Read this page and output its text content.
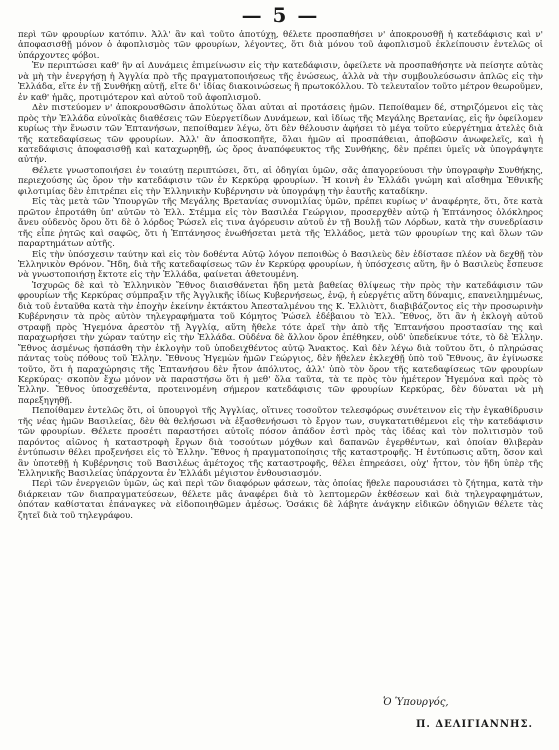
— 5 —

περὶ τῶν φρουρίων κατόπιν. Ἀλλ' ἂν καὶ τοῦτο ἀποτύχῃ, θέλετε προσπαθήσει ν' ἀποκρουσθῇ ἡ κατεδάφισις καὶ ν' ἀποφασισθῇ μόνον ὁ ἀφοπλισμὸς τῶν φρουρίων, λέγοντες, ὅτι διὰ μόνου τοῦ ἀφοπλισμοῦ ἐκλείπουσιν ἐντελῶς οἱ ὑπάρχοντες φόβοι.

Ἐν περιπτώσει καθ' ἣν αἱ Δυνάμεις ἐπιμείνωσιν εἰς τὴν κατεδάφισιν, ὀφείλετε νὰ προσπαθήσητε νὰ πείσητε αὐτὰς νὰ μὴ τὴν ἐνεργήσῃ ἡ Ἀγγλία πρὸ τῆς πραγματοποιήσεως τῆς ἑνώσεως, ἀλλὰ νὰ τὴν συμβουλεύσωσιν ἁπλῶς εἰς τὴν Ἑλλάδα, εἴτε ἐν τῇ Συνθήκῃ αὐτῇ, εἴτε δι' ἰδίας διακοινώσεως ἢ πρωτοκόλλου. Τὸ τελευταῖον τοῦτο μέτρον θεωροῦμεν, ἐν καθ' ἡμᾶς, προτιμότερον καὶ αὐτοῦ τοῦ ἀφοπλισμοῦ.

Δὲν πιστεύομεν ν' ἀποκρουσθῶσιν ἀπολύτως ὅλαι αὐται αἱ προτάσεις ἡμῶν. Πεποίθαμεν δέ, στηριζόμενοι εἰς τὰς πρὸς τὴν Ἑλλάδα εὐνοϊκὰς διαθέσεις τῶν Εὐεργετίδων Δυνάμεων, καὶ ἰδίως τῆς Μεγάλης Βρετανίας, εἰς ἣν ὀφείλομεν κυρίως τὴν ἕνωσιν τῶν Ἑπτανήσων, πεποίθαμεν λέγω, ὅτι δὲν θέλουσιν ἀφήσει τὸ μέγα τοῦτο εὐεργέτημα ἀτελὲς διὰ τῆς κατεδαφίσεως τῶν φρουρίων. Ἀλλ' ἂν ἀποσκοπῆτε, ὅλαι ἡμῶν αἱ προσπάθειαι, ἀποβῶσιν ἀνωφελεῖς, καὶ ἡ κατεδάφισις ἀποφασισθῇ καὶ καταχωρηθῇ, ὡς ὅρος ἀναπόφευκτος τῆς Συνθήκης, δὲν πρέπει ὑμεῖς νὰ ὑπογράψητε αὐτήν.

Θέλετε γνωστοποιήσει ἐν τοιαύτῃ περιπτώσει, ὅτι, αἱ ὁδηγίαι ὑμῶν, σᾶς ἀπαγορεύουσι τὴν ὑπογραφὴν Συνθήκης, περιεχούσης ὡς ὅρον τὴν κατεδάφισιν τῶν ἐν Κερκύρᾳ φρουρίων. Ἡ κοινὴ ἐν Ἑλλάδι γνώμη καὶ αἴσθημα Ἐθνικῆς φιλοτιμίας δὲν ἐπιτρέπει εἰς τὴν Ἑλληνικὴν Κυβέρνησιν νὰ ὑπογράψῃ τὴν ἑαυτῆς καταδίκην.

Εἰς τὰς μετὰ τῶν Ὑπουργῶν τῆς Μεγάλης Βρετανίας συνομιλίας ὑμῶν, πρέπει κυρίως ν' ἀναφέρητε, ὅτι, ὅτε κατὰ πρῶτον ἐπροτάθη ὑπ' αὐτῶν τὸ Ἑλλ. Στέμμα εἰς τὸν Βασιλέα Γεώργιον, προσερχθὲν αὐτῷ ἡ Ἑπτάνησος ὁλόκληρος ἄνευ οὐδενὸς ὅρου ὅτι δὲ ὁ λόρδος Ῥώσελ εἰς τινα ἀγόρευσιν αὐτοῦ ἐν τῇ Βουλῇ τῶν Λόρδων, κατὰ τὴν συνεδρίασιν τῆς εἶπε ῥητῶς καὶ σαφῶς, ὅτι ἡ Ἑπτάνησος ἑνωθήσεται μετὰ τῆς Ἑλλάδος, μετὰ τῶν φρουρίων της καὶ ὅλων τῶν παραρτημάτων αὐτῆς.

Εἰς τὴν ὑπόσχεσιν ταύτην καὶ εἰς τὸν δοθέντα Αὐτῷ λόγον πεποιθὼς ὁ Βασιλεὺς δὲν ἐδίστασε πλέον νὰ δεχθῇ τὸν Ἑλληνικὸν Θρόνον. Ἤδη, διὰ τῆς κατεδαφίσεως τῶν ἐν Κερκύρᾳ φρουρίων, ἡ ὑπόσχεσις αὕτη, ἣν ὁ Βασιλεὺς ἔσπευσε νὰ γνωστοποιήσῃ ἔκτοτε εἰς τὴν Ἑλλάδα, φαίνεται ἀθετουμένη.

Ἰσχυρῶς δὲ καὶ τὸ Ἑλληνικὸν Ἔθνος διαισθάνεται ἤδη μετὰ βαθείας θλίψεως τὴν πρὸς τὴν κατεδάφισιν τῶν φρουρίων τῆς Κερκύρας σύμπραξιν τῆς Ἀγγλικῆς ἰδίως Κυβερνήσεως, ἐνῷ, ἡ εὐεργέτις αὕτη δύναμις, επανειλημμένως, διὰ τοῦ ἐνταῦθα κατὰ τὴν ἐποχὴν ἐκείνην ἐκτάκτου Ἀπεσταλμένου της Κ. Ἐλλιὸττ, διαβιβάζοντος εἰς τὴν προσωρινὴν Κυβέρνησιν τὰ πρὸς αὐτὸν τηλεγραφήματα τοῦ Κόμητος Ῥώσελ ἐδέβαιου τὸ Ἑλλ. Ἔθνος, ὅτι ἂν ἡ ἐκλογὴ αὐτοῦ στραφῇ πρὸς Ἡγεμόνα ἀρεστὸν τῇ Ἀγγλίᾳ, αὕτη ἤθελε τότε ἀρεῖ τὴν ἀπὸ τῆς Ἑπτανήσου προστασίαν της καὶ παραχωρήσει τὴν χώραν ταύτην εἰς τὴν Ἑλλάδα. Οὐδένα δὲ ἄλλον ὅρον ἐπέθηκεν, οὐδ' ὑπεδείκνυε τότε, τὸ δὲ Ἑλλην. Ἔθνος ἀσμένως ἠσπάσθη τὴν ἐκλογὴν τοῦ ὑποδειχθέντος αὐτῷ Ἄνακτος. Καὶ δὲν λέγω διὰ τοῦτου ὅτι, ὁ πληρώσας πάντας τοὺς πόθους τοῦ Ἑλλην. Ἔθνους Ἡγεμὼν ἡμῶν Γεώργιος, δὲν ἤθελεν ἐκλεχθῇ ὑπὸ τοῦ Ἔθνους, ἂν ἐγίνωσκε τοῦτο, ὅτι ἡ παραχώρησις τῆς Ἑπτανήσου δὲν ἦτον ἀπόλυτος, ἀλλ' ὑπὸ τὸν ὅρον τῆς κατεδαφίσεως τῶν φρουρίων Κερκύρας· σκοπὸν ἔχω μόνον νὰ παραστήσω ὅτι ἡ μεθ' ὅλα ταῦτα, τὰ τε πρὸς τὸν ἡμέτερον Ἡγεμόνα καὶ πρὸς τὸ Ἑλλην. Ἔθνος ὑποσχεθέντα, προτεινομένη σήμερον κατεδάφισις τῶν φρουρίων Κερκύρας, δὲν δύναται νὰ μὴ παρεξηγηθῇ.

Πεποίθαμεν ἐντελῶς ὅτι, οἱ ὑπουργοὶ τῆς Ἀγγλίας, οἵτινες τοσοῦτον τελεσφόρως συνέτεινον εἰς τὴν ἐγκαθίδρυσιν τῆς νέας ἡμῶν Βασιλείας, δὲν θὰ θελήσωσι νὰ ἐξασθενήσωσι τὸ ἔργον των, συγκατατιθέμενοι εἰς τὴν κατεδάφισιν τῶν φρουρίων. Θέλετε προσέτι παραστήσει αὐτοῖς πόσον ἀπάδον ἐστὶ πρὸς τὰς ἰδέας καὶ τὸν πολιτισμὸν τοῦ παρόντος αἰῶνος ἡ καταστροφὴ ἔργων διὰ τοσούτων μόχθων καὶ δαπανῶν ἐγερθέντων, καὶ ὁποίαν θλιβερὰν ἐντύπωσιν θέλει προξενήσει εἰς τὸ Ἑλλην. Ἔθνος ἡ πραγματοποίησις τῆς καταστροφῆς. Ἡ ἐντύπωσις αὕτη, ὅσον καὶ ἂν ὑποτεθῇ ἡ Κυβέρνησις τοῦ Βασιλέως ἀμέτοχος τῆς καταστροφῆς, θέλει ἐπηρεάσει, οὐχ' ἧττον, τὸν ἥδη ὑπὲρ τῆς Ἑλληνικῆς Βασιλείας ὑπάρχοντα ἐν Ἑλλάδι μέγιστον ἐνθουσιασμόν.

Περὶ τῶν ἐνεργειῶν ὑμῶν, ὡς καὶ περὶ τῶν διαφόρων φάσεων, τὰς ὁποίας ἤθελε παρουσιάσει τὸ ζήτημα, κατὰ τὴν διάρκειαν τῶν διαπραγματεύσεων, θέλετε μᾶς ἀναφέρει διὰ τὸ λεπτομερῶν ἐκθέσεων καὶ διὰ τηλεγραφημάτων, ὁπόταν καθίσταται ἐπάναγκες νὰ εἰδοποιηθῶμεν ἀμέσως. Ὁσάκις δὲ λάβητε ἀνάγκην εἰδικῶν ὁδηγιῶν θέλετε τὰς ζητεῖ διὰ τοῦ τηλεγράφου.

Ὁ Ὑπουργός,
Π. ΔΕΛΙΓΙΑΝΝΗΣ.
